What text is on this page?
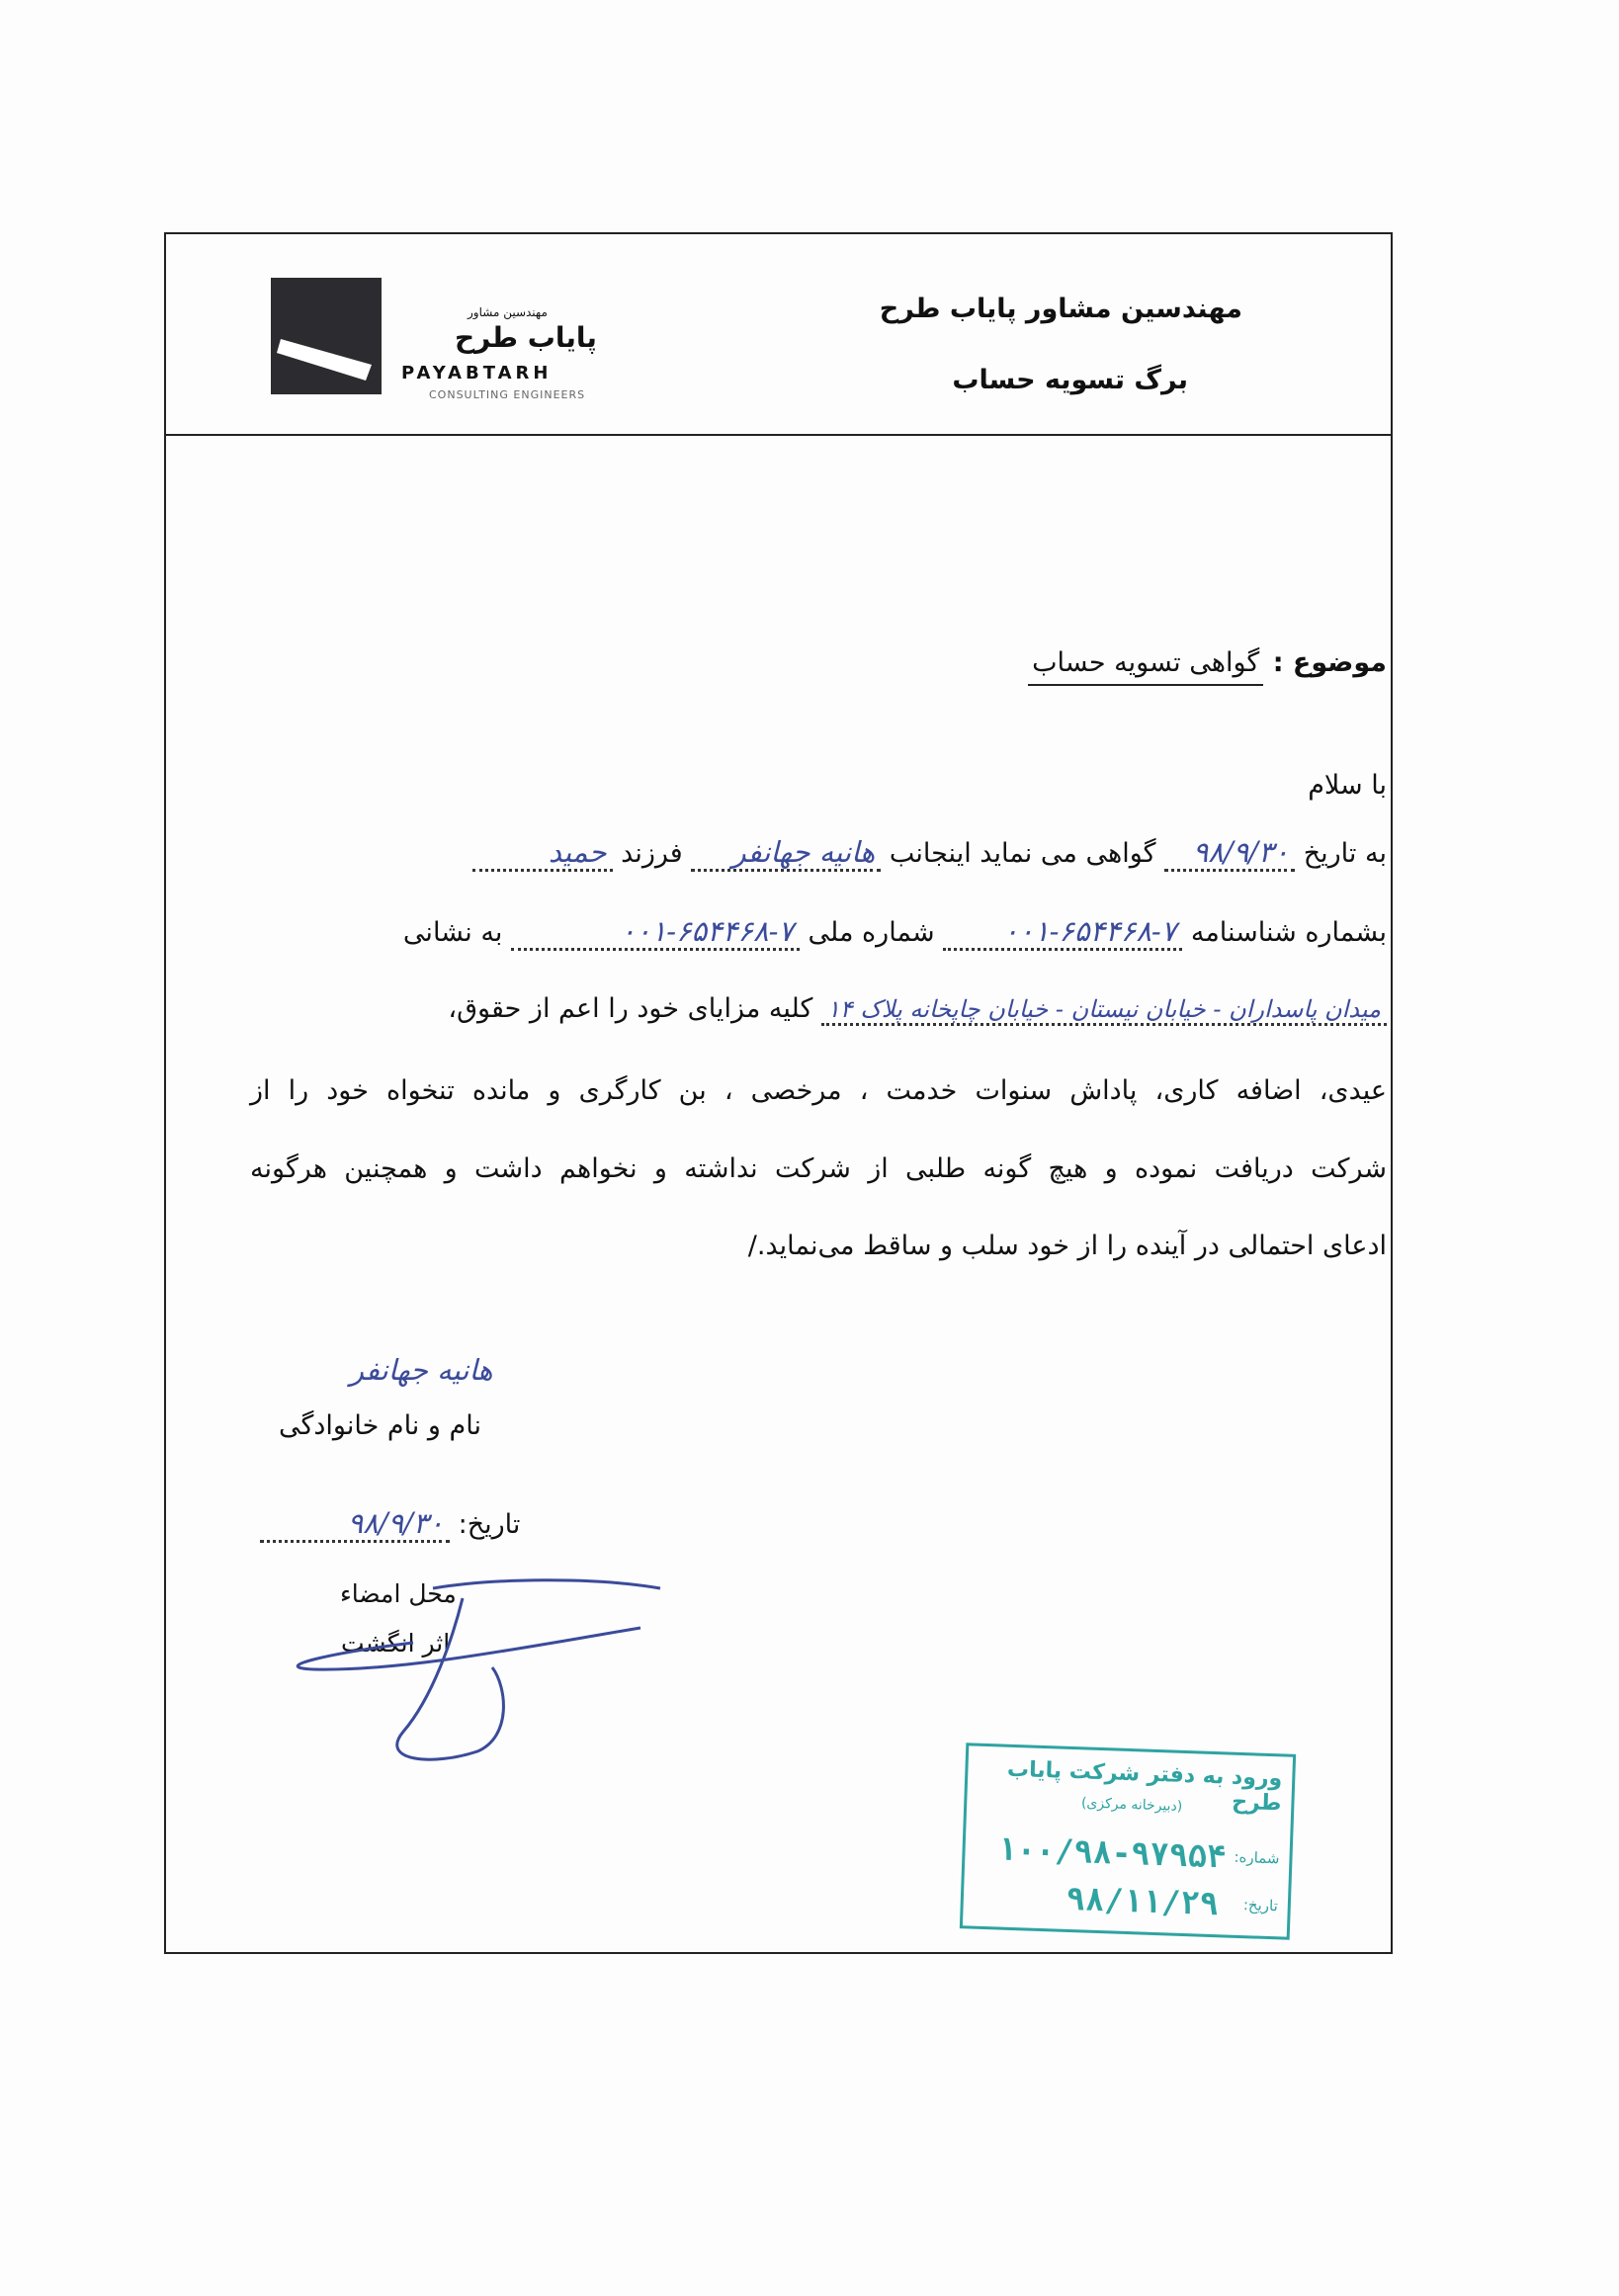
مهندسین مشاور
پایاب طرح
PAYABTARH
CONSULTING ENGINEERS
مهندسین مشاور پایاب طرح
برگ تسویه حساب
موضوع : گواهی تسویه حساب
با سلام
به تاریخ ۹۸/۹/۳۰ گواهی می نماید اینجانب هانیه جهانفر فرزند حمید
بشماره شناسنامه ۰۰۱-۶۵۴۴۶۸-۷ شماره ملی ۰۰۱-۶۵۴۴۶۸-۷ به نشانی
میدان پاسداران - خیابان نیستان - خیابان چاپخانه پلاک ۱۴ کلیه مزایای خود را اعم از حقوق،
عیدی، اضافه کاری، پاداش سنوات خدمت ، مرخصی ، بن کارگری و مانده تنخواه خود را از
شرکت دریافت نموده و هیچ گونه طلبی از شرکت نداشته و نخواهم داشت و همچنین هرگونه
ادعای احتمالی در آینده را از خود سلب و ساقط می‌نماید./
هانیه جهانفر
نام و نام خانوادگی
تاریخ: ۹۸/۹/۳۰
محل امضاء
اثر انگشت
ورود به دفتر شرکت پایاب طرح
(دبیرخانه مرکزی)
شماره:
۱۰۰/۹۸-۹۷۹۵۴
تاریخ:
۹۸/۱۱/۲۹
